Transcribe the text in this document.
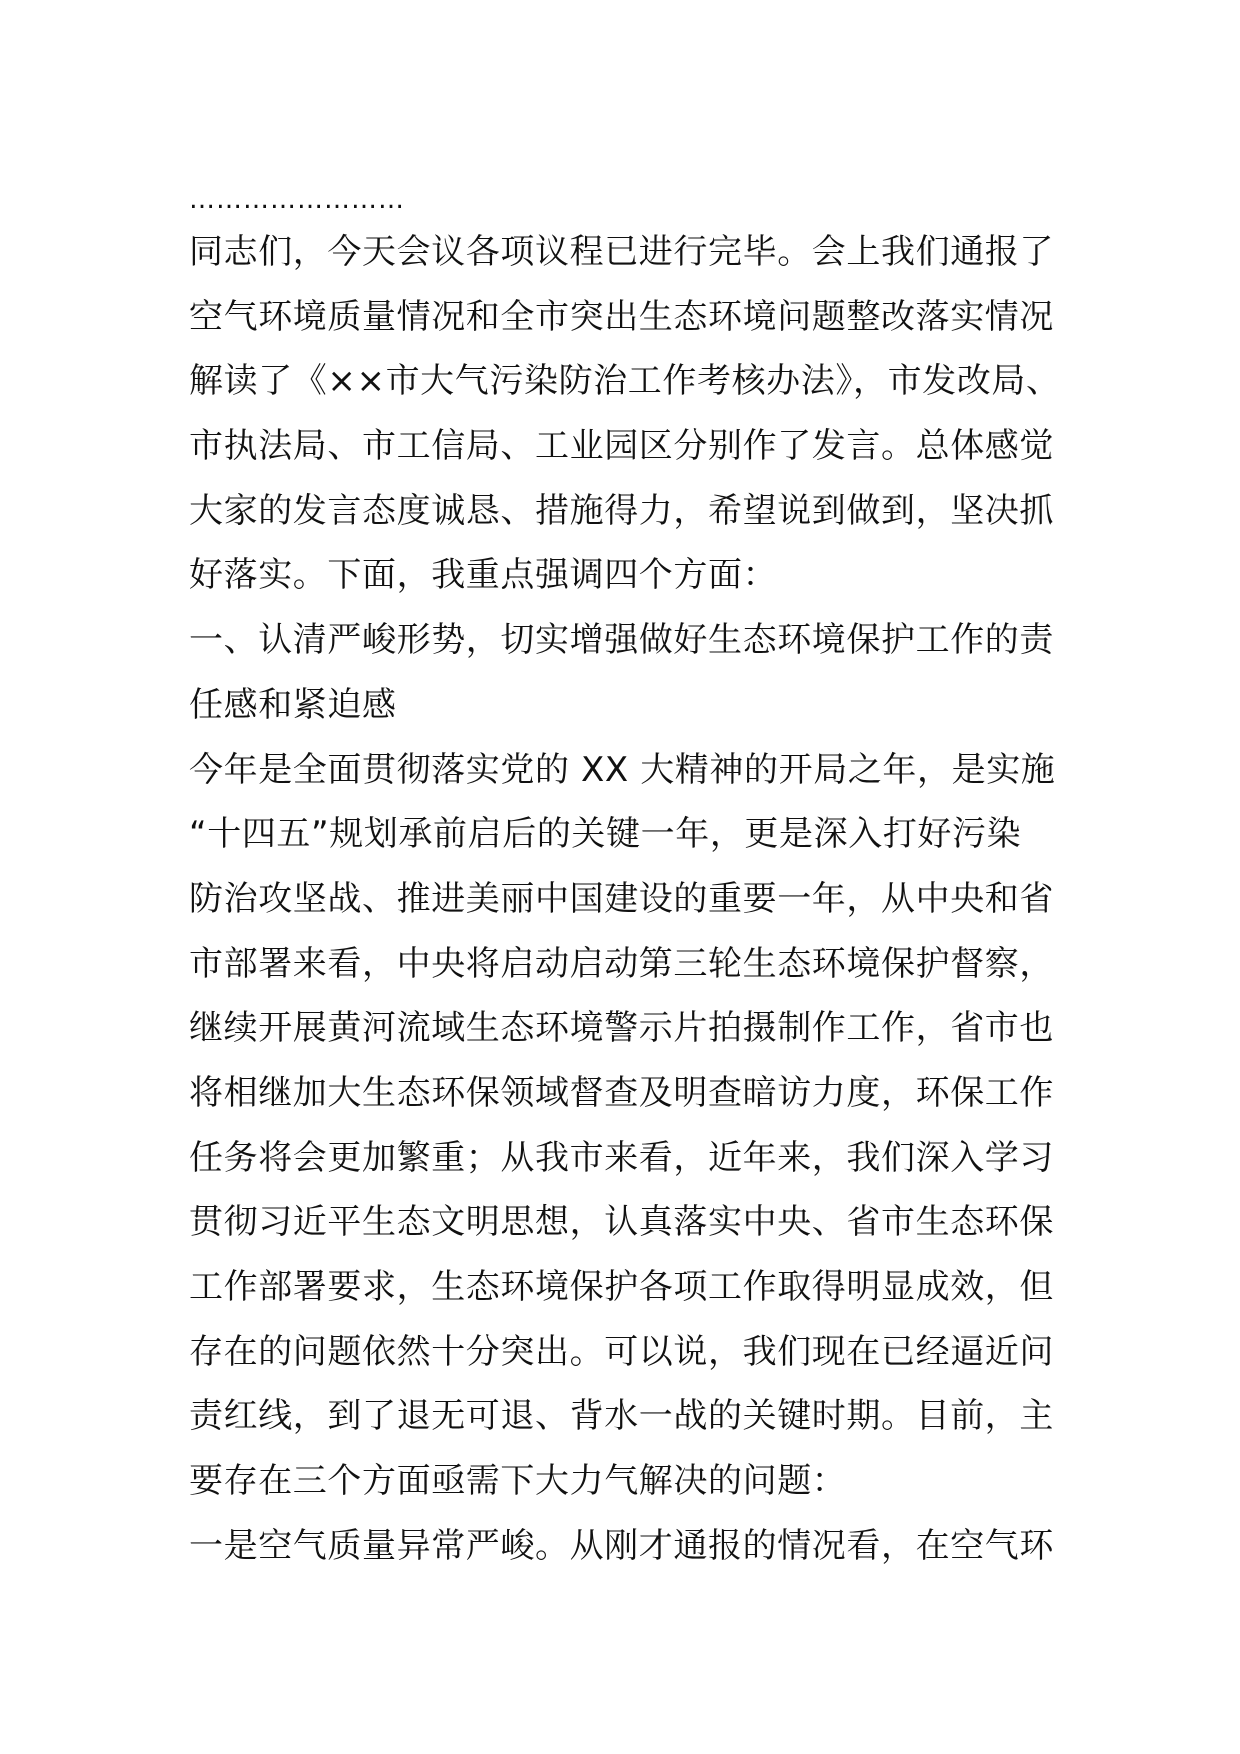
……………………
同志们，今天会议各项议程已进行完毕。会上我们通报了
空气环境质量情况和全市突出生态环境问题整改落实情况
解读了《××市大气污染防治工作考核办法》，市发改局、
市执法局、市工信局、工业园区分别作了发言。总体感觉
大家的发言态度诚恳、措施得力，希望说到做到，坚决抓
好落实。下面，我重点强调四个方面：
一、认清严峻形势，切实增强做好生态环境保护工作的责
任感和紧迫感
今年是全面贯彻落实党的 XX 大精神的开局之年，是实施
“十四五”规划承前启后的关键一年，更是深入打好污染
防治攻坚战、推进美丽中国建设的重要一年，从中央和省
市部署来看，中央将启动启动第三轮生态环境保护督察，
继续开展黄河流域生态环境警示片拍摄制作工作，省市也
将相继加大生态环保领域督查及明查暗访力度，环保工作
任务将会更加繁重；从我市来看，近年来，我们深入学习
贯彻习近平生态文明思想，认真落实中央、省市生态环保
工作部署要求，生态环境保护各项工作取得明显成效，但
存在的问题依然十分突出。可以说，我们现在已经逼近问
责红线，到了退无可退、背水一战的关键时期。目前，主
要存在三个方面亟需下大力气解决的问题：
一是空气质量异常严峻。从刚才通报的情况看，在空气环
